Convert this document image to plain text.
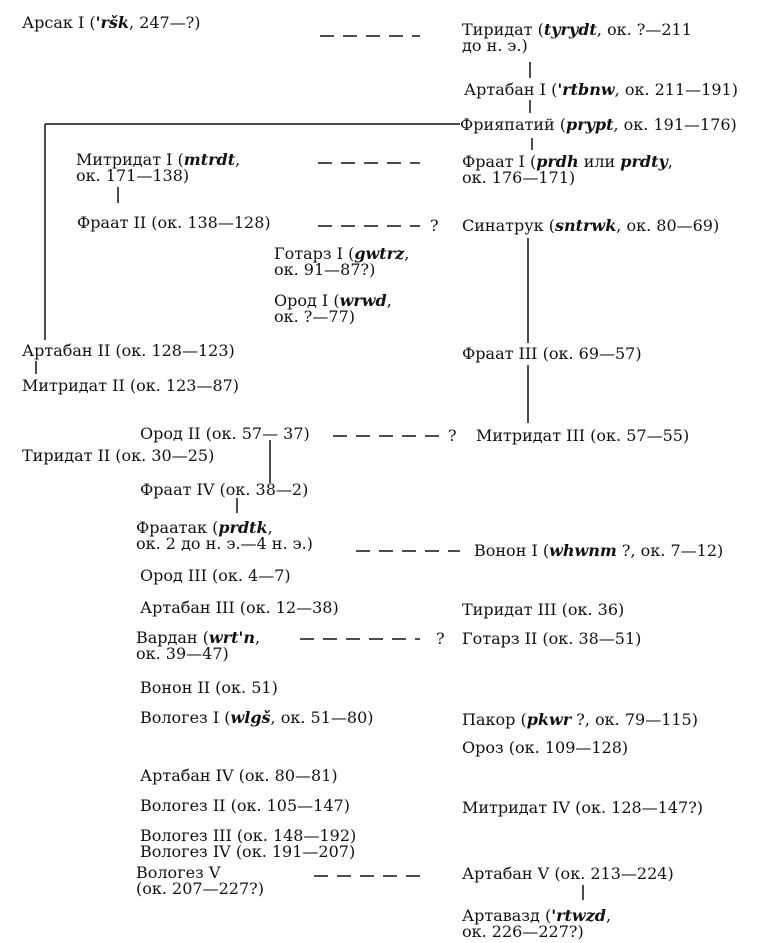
Арсак I ('ršk, 247—?)	Тиридат (tyrydt, ок. ?—211
до н. э.)
Артабан I ('rtbnw, ок. 211—191)
Фрияпатий (prypt, ок. 191—176)
Митридат I (mtrdt,
ок. 171—138)
Фраат I (prdh или prdty,
ок. 176—171)
Фраат II (ок. 138—128)	Синатрук (sntrwk, ок. 80—69)
Готарз I (gwtrz,
ок. 91—87?)
Ород I (wrwd,
ок. ?—77)
Артабан II (ок. 128—123)	Фраат III (ок. 69—57)
Митридат II (ок. 123—87)
Ород II (ок. 57— 37)	Митридат III (ок. 57—55)
Тиридат II (ок. 30—25)
Фраат IV (ок. 38—2)
Фраатак (prdtk,
ок. 2 до н. э.—4 н. э.)	Вонон I (whwnm ?, ок. 7—12)
Ород III (ок. 4—7)
Артабан III (ок. 12—38)	Тиридат III (ок. 36)
Вардан (wrt'n,
ок. 39—47)
Готарз II (ок. 38—51)
Вонон II (ок. 51)
Вологез I (wlgš, ок. 51—80)	Пакор (pkwr ?, ок. 79—115)
Ороз (ок. 109—128)
Артабан IV (ок. 80—81)
Вологез II (ок. 105—147)	Митридат IV (ок. 128—147?)
Вологез III (ок. 148—192)
Вологез IV (ок. 191—207)
Вологез V
(ок. 207—227?)
Артабан V (ок. 213—224)
Артавазд ('rtwzd,
ок. 226—227?)
?
?
?
